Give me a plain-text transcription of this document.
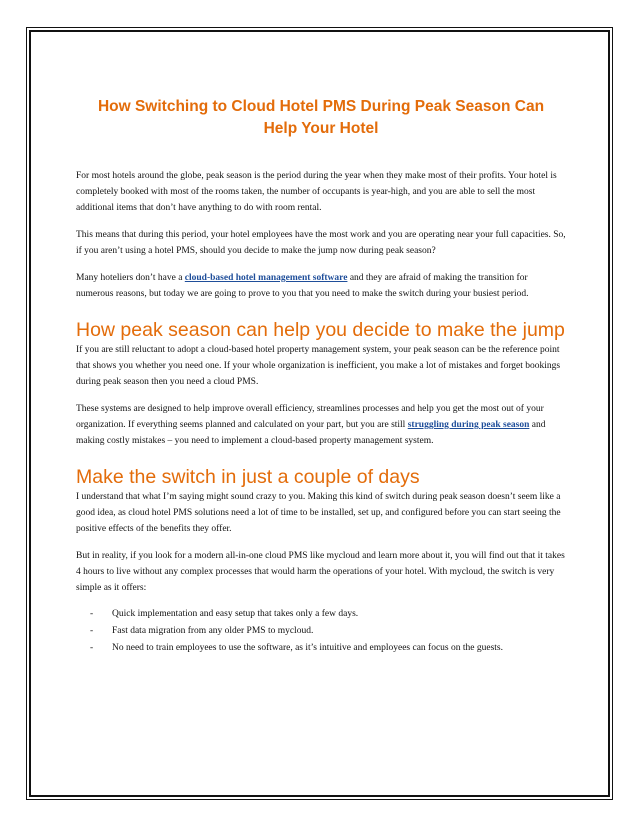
How Switching to Cloud Hotel PMS During Peak Season Can Help Your Hotel

For most hotels around the globe, peak season is the period during the year when they make most of their profits. Your hotel is completely booked with most of the rooms taken, the number of occupants is year-high, and you are able to sell the most additional items that don’t have anything to do with room rental.

This means that during this period, your hotel employees have the most work and you are operating near your full capacities. So, if you aren’t using a hotel PMS, should you decide to make the jump now during peak season?

Many hoteliers don’t have a cloud-based hotel management software and they are afraid of making the transition for numerous reasons, but today we are going to prove to you that you need to make the switch during your busiest period.

How peak season can help you decide to make the jump

If you are still reluctant to adopt a cloud-based hotel property management system, your peak season can be the reference point that shows you whether you need one. If your whole organization is inefficient, you make a lot of mistakes and forget bookings during peak season then you need a cloud PMS.

These systems are designed to help improve overall efficiency, streamlines processes and help you get the most out of your organization. If everything seems planned and calculated on your part, but you are still struggling during peak season and making costly mistakes – you need to implement a cloud-based property management system.

Make the switch in just a couple of days

I understand that what I’m saying might sound crazy to you. Making this kind of switch during peak season doesn’t seem like a good idea, as cloud hotel PMS solutions need a lot of time to be installed, set up, and configured before you can start seeing the positive effects of the benefits they offer.

But in reality, if you look for a modern all-in-one cloud PMS like mycloud and learn more about it, you will find out that it takes 4 hours to live without any complex processes that would harm the operations of your hotel. With mycloud, the switch is very simple as it offers:

- Quick implementation and easy setup that takes only a few days.
- Fast data migration from any older PMS to mycloud.
- No need to train employees to use the software, as it’s intuitive and employees can focus on the guests.
